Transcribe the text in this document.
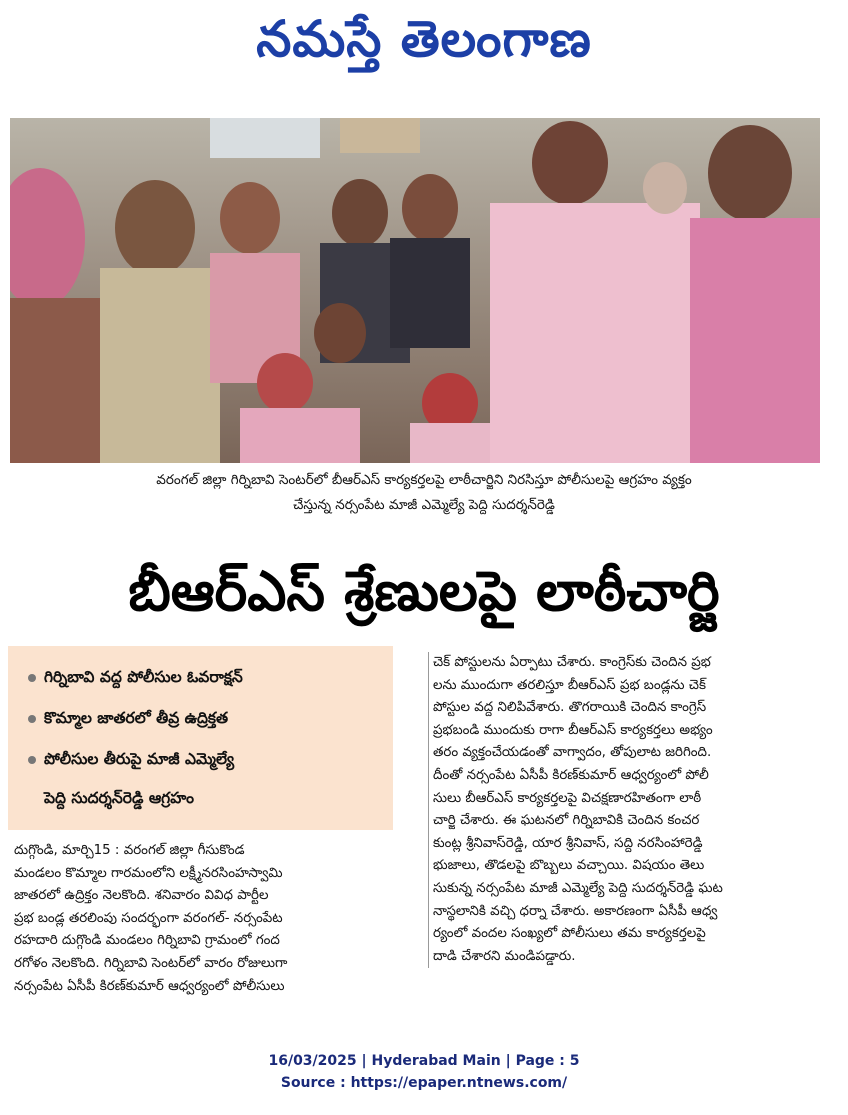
నమస్తే తెలంగాణ
వరంగల్ జిల్లా గిర్నిబావి సెంటర్‌లో బీఆర్‌ఎస్ కార్యకర్తలపై లాఠీచార్జిని నిరసిస్తూ పోలీసులపై ఆగ్రహం వ్యక్తం
చేస్తున్న నర్సంపేట మాజీ ఎమ్మెల్యే పెద్ది సుదర్శన్‌రెడ్డి
బీఆర్‌ఎస్ శ్రేణులపై లాఠీచార్జి
గిర్నిబావి వద్ద పోలీసుల ఓవరాక్షన్
కొమ్మాల జాతరలో తీవ్ర ఉద్రిక్తత
పోలీసుల తీరుపై మాజీ ఎమ్మెల్యే
పెద్ది సుదర్శన్‌రెడ్డి ఆగ్రహం
దుగ్గొండి, మార్చి15 : వరంగల్ జిల్లా గీసుకొండ
మండలం కొమ్మాల గారమంలోని లక్ష్మీనరసింహస్వామి
జాతరలో ఉద్రిక్తం నెలకొంది. శనివారం వివిధ పార్టీల
ప్రభ బండ్ల తరలింపు సందర్భంగా వరంగల్- నర్సంపేట
రహదారి దుగ్గొండి మండలం గిర్నిబావి గ్రామంలో గంద
రగోళం నెలకొంది. గిర్నిబావి సెంటర్‌లో వారం రోజులుగా
నర్సంపేట ఏసీపీ కిరణ్‌కుమార్ ఆధ్వర్యంలో పోలీసులు
చెక్ పోస్టులను ఏర్పాటు చేశారు. కాంగ్రెస్‌కు చెందిన ప్రభ
లను ముందుగా తరలిస్తూ బీఆర్‌ఎస్ ప్రభ బండ్లను చెక్
పోస్టుల వద్ద నిలిపివేశారు. తొగరాయికి చెందిన కాంగ్రెస్
ప్రభబండి ముందుకు రాగా బీఆర్‌ఎస్ కార్యకర్తలు అభ్యం
తరం వ్యక్తంచేయడంతో వాగ్వాదం, తోపులాట జరిగింది.
దీంతో నర్సంపేట ఏసీపీ కిరణ్‌కుమార్ ఆధ్వర్యంలో పోలీ
సులు బీఆర్‌ఎస్ కార్యకర్తలపై విచక్షణారహితంగా లాఠీ
చార్జి చేశారు. ఈ ఘటనలో గిర్నిబావికి చెందిన కంచర
కుంట్ల శ్రీనివాస్‌రెడ్డి, యార శ్రీనివాస్, సద్ది నరసింహారెడ్డి
భుజాలు, తొడలపై బొబ్బలు వచ్చాయి. విషయం తెలు
సుకున్న నర్సంపేట మాజీ ఎమ్మెల్యే పెద్ది సుదర్శన్‌రెడ్డి ఘట
నాస్థలానికి వచ్చి ధర్నా చేశారు. అకారణంగా ఏసీపీ ఆధ్వ
ర్యంలో వందల సంఖ్యలో పోలీసులు తమ కార్యకర్తలపై
దాడి చేశారని మండిపడ్డారు.
16/03/2025 | Hyderabad Main | Page : 5
Source : https://epaper.ntnews.com/
